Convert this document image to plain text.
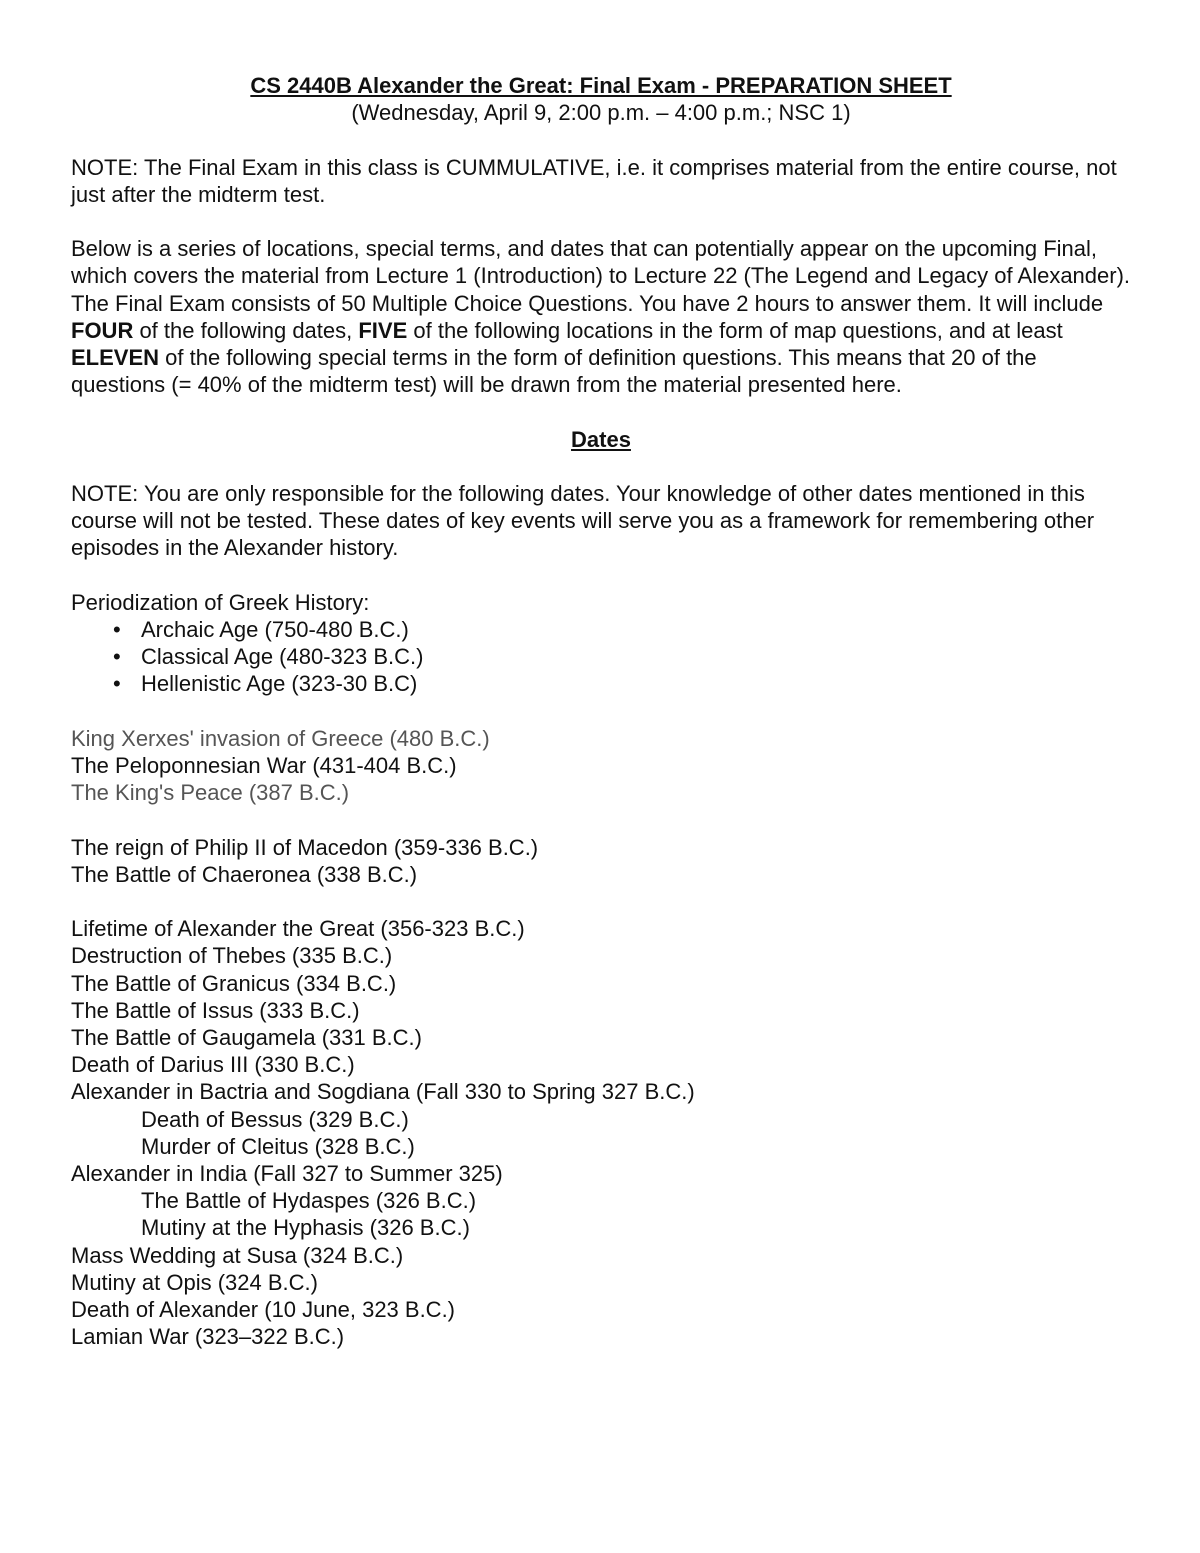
CS 2440B Alexander the Great: Final Exam - PREPARATION SHEET

(Wednesday, April 9, 2:00 p.m. – 4:00 p.m.; NSC 1)

NOTE: The Final Exam in this class is CUMMULATIVE, i.e. it comprises material from the entire course, not just after the midterm test.

Below is a series of locations, special terms, and dates that can potentially appear on the upcoming Final, which covers the material from Lecture 1 (Introduction) to Lecture 22 (The Legend and Legacy of Alexander).

The Final Exam consists of 50 Multiple Choice Questions. You have 2 hours to answer them. It will include FOUR of the following dates, FIVE of the following locations in the form of map questions, and at least ELEVEN of the following special terms in the form of definition questions. This means that 20 of the questions (= 40% of the midterm test) will be drawn from the material presented here.

Dates

NOTE: You are only responsible for the following dates. Your knowledge of other dates mentioned in this course will not be tested. These dates of key events will serve you as a framework for remembering other episodes in the Alexander history.

Periodization of Greek History:

• Archaic Age (750-480 B.C.)
• Classical Age (480-323 B.C.)
• Hellenistic Age (323-30 B.C)

King Xerxes' invasion of Greece (480 B.C.)

The Peloponnesian War (431-404 B.C.)

The King's Peace (387 B.C.)

The reign of Philip II of Macedon (359-336 B.C.)

The Battle of Chaeronea (338 B.C.)

Lifetime of Alexander the Great (356-323 B.C.)

Destruction of Thebes (335 B.C.)

The Battle of Granicus (334 B.C.)

The Battle of Issus (333 B.C.)

The Battle of Gaugamela (331 B.C.)

Death of Darius III (330 B.C.)

Alexander in Bactria and Sogdiana (Fall 330 to Spring 327 B.C.)

Death of Bessus (329 B.C.)

Murder of Cleitus (328 B.C.)

Alexander in India (Fall 327 to Summer 325)

The Battle of Hydaspes (326 B.C.)

Mutiny at the Hyphasis (326 B.C.)

Mass Wedding at Susa (324 B.C.)

Mutiny at Opis (324 B.C.)

Death of Alexander (10 June, 323 B.C.)

Lamian War (323–322 B.C.)
